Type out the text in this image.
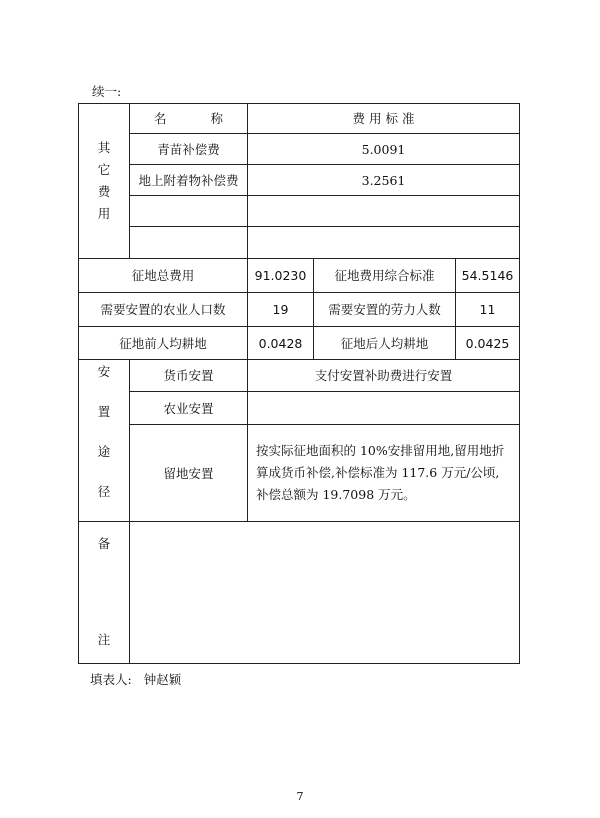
续一:
其
它
费
用	名 称	费 用 标 准		
	青苗补偿费	5.0091		
	地上附着物补偿费	3.2561		

征地总费用		91.0230	征地费用综合标准	54.5146
需要安置的农业人口数		19	需要安置的劳力人数	11
征地前人均耕地		0.0428	征地后人均耕地	0.0425

安
置
途
径	货币安置	支付安置补助费进行安置		
	农业安置			
	留地安置	按实际征地面积的 10%安排留用地,留用地折算成货币补偿,补偿标准为 117.6 万元/公顷,补偿总额为 19.7098 万元。		

备
注				

填表人: 钟赵颖
7
